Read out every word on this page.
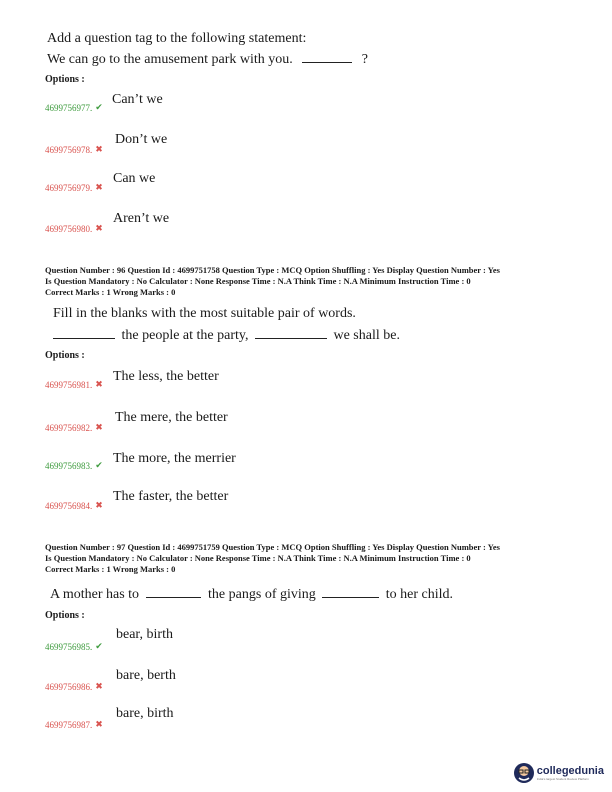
Add a question tag to the following statement:
We can go to the amusement park with you.	?
Options :
4699756977. ✔ Can’t we
4699756978. ✖
Don’t we
4699756979. ✖
Can we
4699756980. ✖
Aren’t we
Question Number : 96 Question Id : 4699751758 Question Type : MCQ Option Shuffling : Yes Display Question Number : Yes
Is Question Mandatory : No Calculator : None Response Time : N.A Think Time : N.A Minimum Instruction Time : 0
Correct Marks : 1 Wrong Marks : 0
Fill in the blanks with the most suitable pair of words.
the people at the party,	we shall be.
Options :
4699756981. ✖ The less, the better
4699756982. ✖
The mere, the better
4699756983. ✔ The more, the merrier
4699756984. ✖
The faster, the better
Question Number : 97 Question Id : 4699751759 Question Type : MCQ Option Shuffling : Yes Display Question Number : Yes
Is Question Mandatory : No Calculator : None Response Time : N.A Think Time : N.A Minimum Instruction Time : 0
Correct Marks : 1 Wrong Marks : 0
A mother has to	the pangs of giving	to her child.
Options :
4699756985. ✔
bear, birth
4699756986. ✖
bare, berth
4699756987. ✖
bare, birth
collegedunia
India's largest Student Review Platform
